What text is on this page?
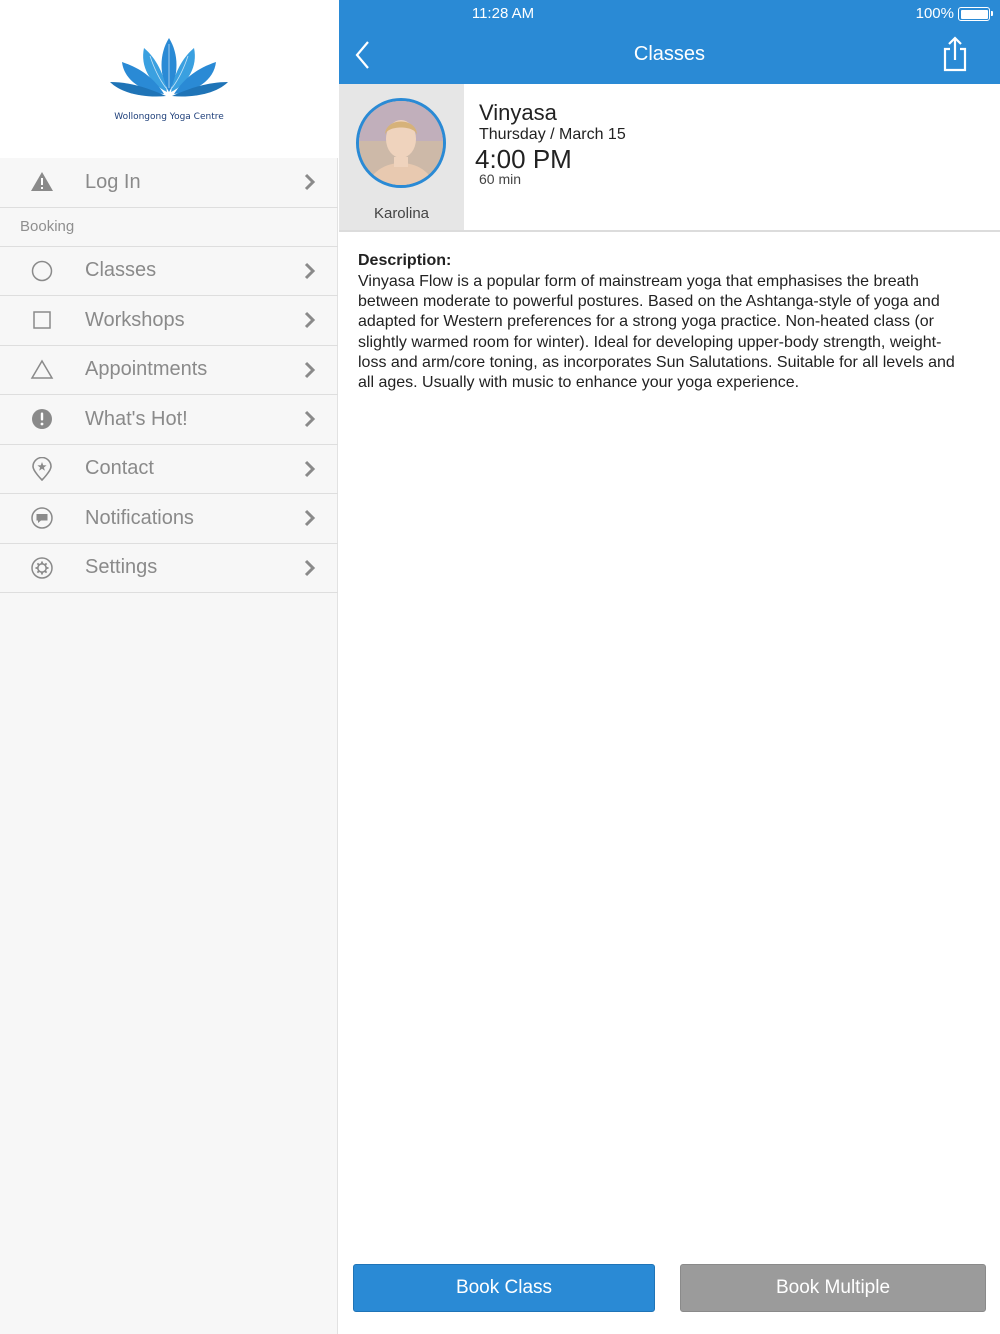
Wollongong Yoga Centre
Log In
Booking
Classes
Workshops
Appointments
What's Hot!
Contact
Notifications
Settings
11:28 AM	100%
Classes
Karolina
Vinyasa
Thursday / March 15
4:00 PM
60 min
Description:
Vinyasa Flow is a popular form of mainstream yoga that emphasises the breath between moderate to powerful postures. Based on the Ashtanga-style of yoga and adapted for Western preferences for a strong yoga practice. Non-heated class (or slightly warmed room for winter). Ideal for developing upper-body strength, weight-loss and arm/core toning, as incorporates Sun Salutations. Suitable for all levels and all ages. Usually with music to enhance your yoga experience.
Book Class	Book Multiple
